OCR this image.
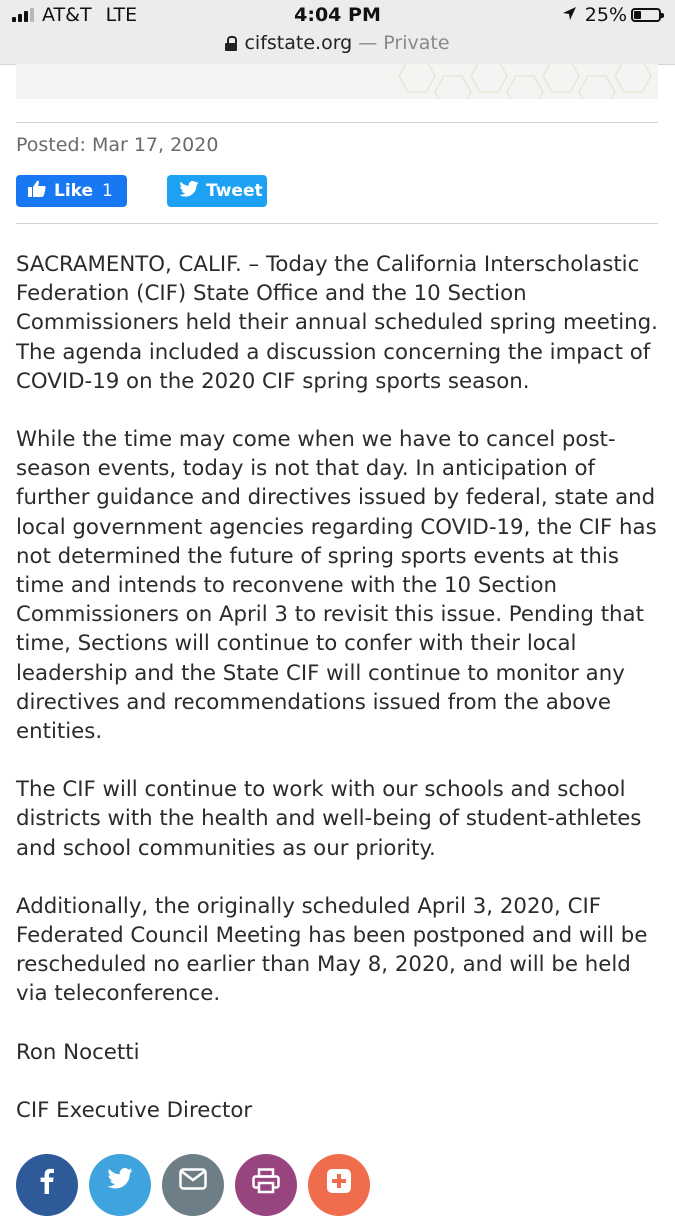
AT&T LTE	4:04 PM	25%
cifstate.org — Private
Posted: Mar 17, 2020
Like 1	Tweet

SACRAMENTO, CALIF. – Today the California Interscholastic Federation (CIF) State Office and the 10 Section Commissioners held their annual scheduled spring meeting. The agenda included a discussion concerning the impact of COVID-19 on the 2020 CIF spring sports season.

While the time may come when we have to cancel post-season events, today is not that day. In anticipation of further guidance and directives issued by federal, state and local government agencies regarding COVID-19, the CIF has not determined the future of spring sports events at this time and intends to reconvene with the 10 Section Commissioners on April 3 to revisit this issue. Pending that time, Sections will continue to confer with their local leadership and the State CIF will continue to monitor any directives and recommendations issued from the above entities.

The CIF will continue to work with our schools and school districts with the health and well-being of student-athletes and school communities as our priority.

Additionally, the originally scheduled April 3, 2020, CIF Federated Council Meeting has been postponed and will be rescheduled no earlier than May 8, 2020, and will be held via teleconference.

Ron Nocetti

CIF Executive Director
